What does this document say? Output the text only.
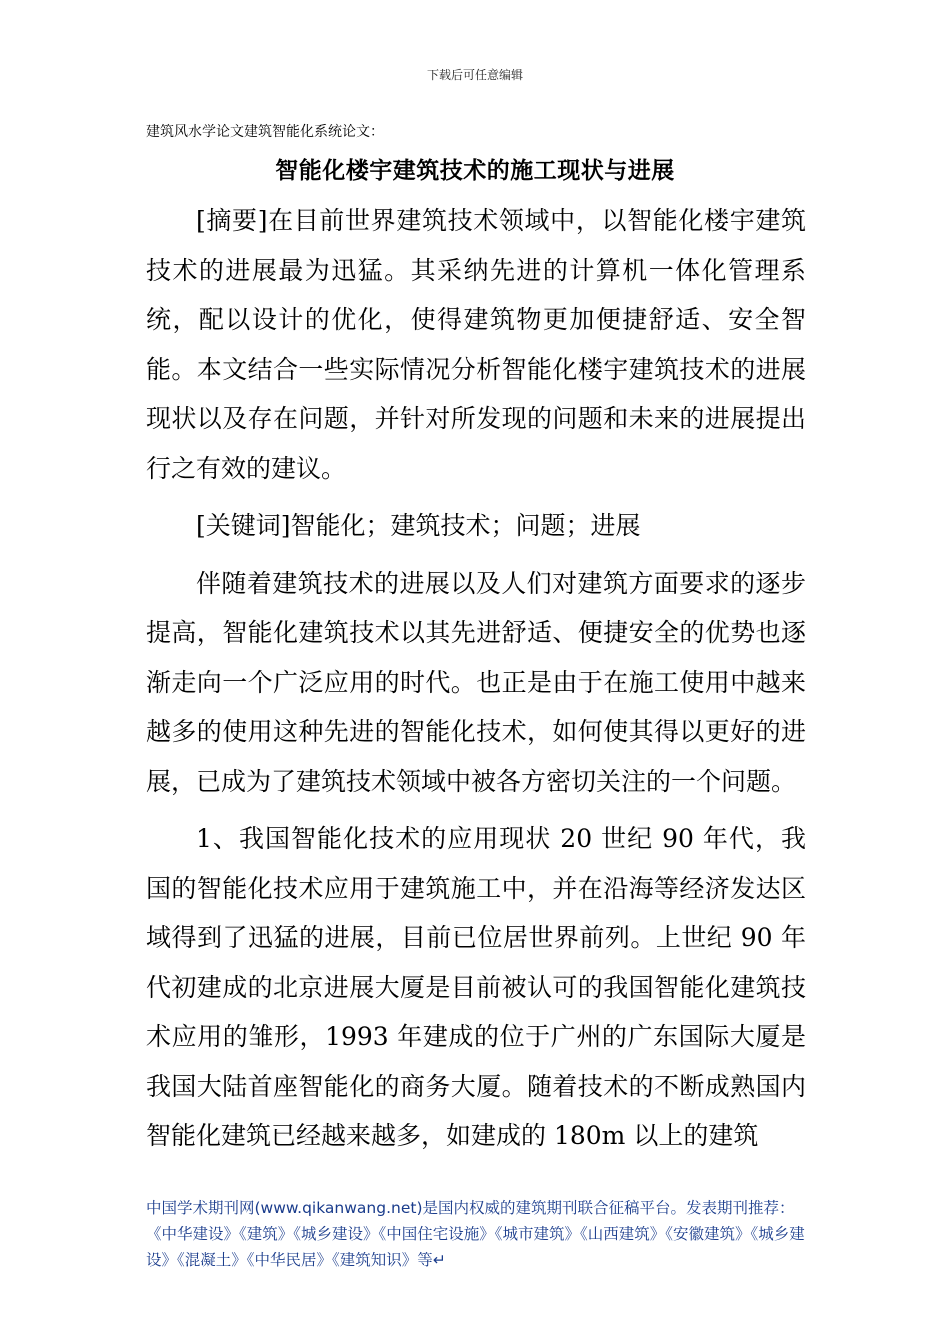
下载后可任意编辑
建筑风水学论文建筑智能化系统论文：
智能化楼宇建筑技术的施工现状与进展

[摘要]在目前世界建筑技术领域中，以智能化楼宇建筑技术的进展最为迅猛。其采纳先进的计算机一体化管理系统，配以设计的优化，使得建筑物更加便捷舒适、安全智能。本文结合一些实际情况分析智能化楼宇建筑技术的进展现状以及存在问题，并针对所发现的问题和未来的进展提出行之有效的建议。

[关键词]智能化；建筑技术；问题；进展

伴随着建筑技术的进展以及人们对建筑方面要求的逐步提高，智能化建筑技术以其先进舒适、便捷安全的优势也逐渐走向一个广泛应用的时代。也正是由于在施工使用中越来越多的使用这种先进的智能化技术，如何使其得以更好的进展，已成为了建筑技术领域中被各方密切关注的一个问题。

1、我国智能化技术的应用现状 20 世纪 90 年代，我国的智能化技术应用于建筑施工中，并在沿海等经济发达区域得到了迅猛的进展，目前已位居世界前列。上世纪 90 年代初建成的北京进展大厦是目前被认可的我国智能化建筑技术应用的雏形，1993 年建成的位于广州的广东国际大厦是我国大陆首座智能化的商务大厦。随着技术的不断成熟国内智能化建筑已经越来越多，如建成的 180m 以上的建筑

中国学术期刊网(www.qikanwang.net)是国内权威的建筑期刊联合征稿平台。发表期刊推荐：《中华建设》《建筑》《城乡建设》《中国住宅设施》《城市建筑》《山西建筑》《安徽建筑》《城乡建设》《混凝土》《中华民居》《建筑知识》等↵
